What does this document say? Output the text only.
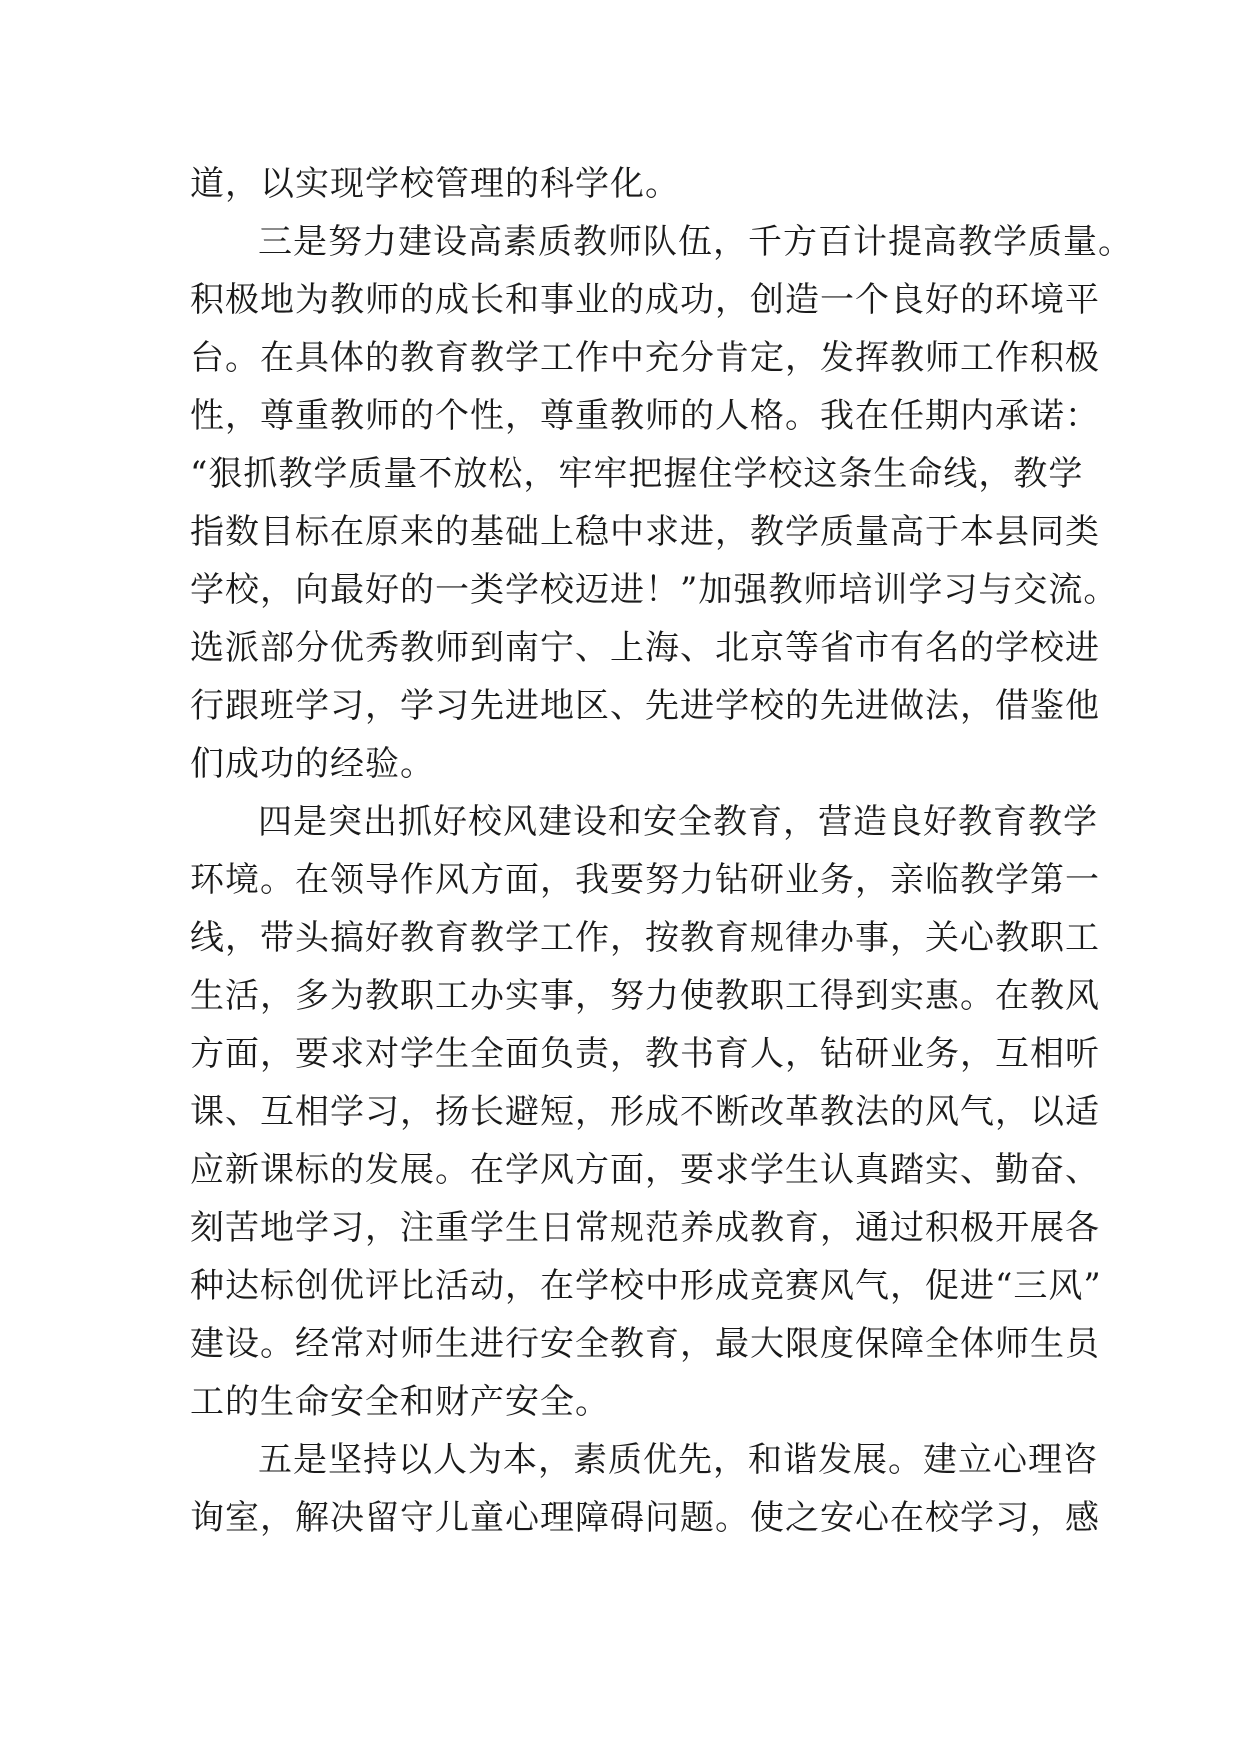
道，以实现学校管理的科学化。
三是努力建设高素质教师队伍，千方百计提高教学质量。
积极地为教师的成长和事业的成功，创造一个良好的环境平
台。在具体的教育教学工作中充分肯定，发挥教师工作积极
性，尊重教师的个性，尊重教师的人格。我在任期内承诺：
“狠抓教学质量不放松，牢牢把握住学校这条生命线，教学
指数目标在原来的基础上稳中求进，教学质量高于本县同类
学校，向最好的一类学校迈进！”加强教师培训学习与交流。
选派部分优秀教师到南宁、上海、北京等省市有名的学校进
行跟班学习，学习先进地区、先进学校的先进做法，借鉴他
们成功的经验。
四是突出抓好校风建设和安全教育，营造良好教育教学
环境。在领导作风方面，我要努力钻研业务，亲临教学第一
线，带头搞好教育教学工作，按教育规律办事，关心教职工
生活，多为教职工办实事，努力使教职工得到实惠。在教风
方面，要求对学生全面负责，教书育人，钻研业务，互相听
课、互相学习，扬长避短，形成不断改革教法的风气，以适
应新课标的发展。在学风方面，要求学生认真踏实、勤奋、
刻苦地学习，注重学生日常规范养成教育，通过积极开展各
种达标创优评比活动，在学校中形成竞赛风气，促进“三风”
建设。经常对师生进行安全教育，最大限度保障全体师生员
工的生命安全和财产安全。
五是坚持以人为本，素质优先，和谐发展。建立心理咨
询室，解决留守儿童心理障碍问题。使之安心在校学习，感
